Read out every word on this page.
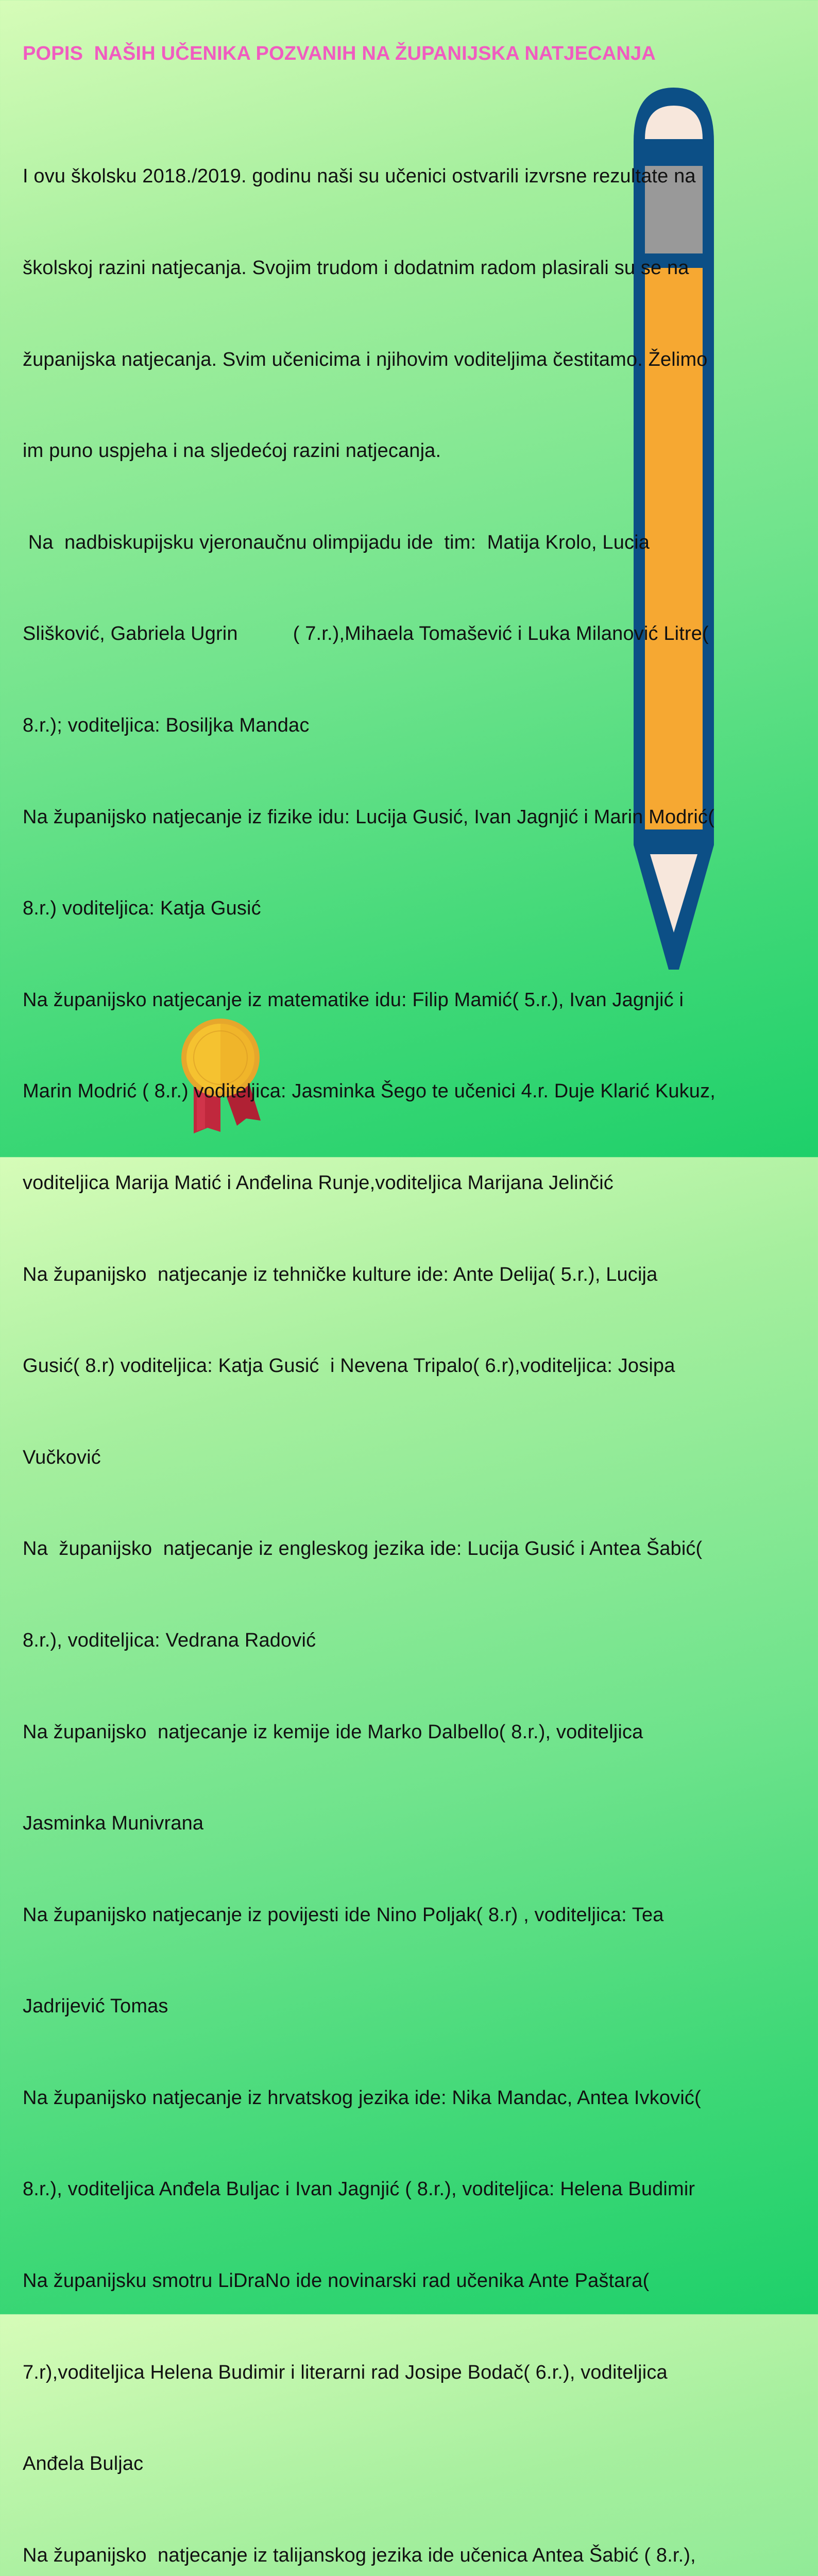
POPIS  NAŠIH UČENIKA POZVANIH NA ŽUPANIJSKA NATJECANJA

I ovu školsku 2018./2019. godinu naši su učenici ostvarili izvrsne rezultate na

školskoj razini natjecanja. Svojim trudom i dodatnim radom plasirali su se na

županijska natjecanja. Svim učenicima i njihovim voditeljima čestitamo. Želimo

im puno uspjeha i na sljedećoj razini natjecanja.

Na  nadbiskupijsku vjeronaučnu olimpijadu ide  tim:  Matija Krolo, Lucia

Slišković, Gabriela Ugrin          ( 7.r.),Mihaela Tomašević i Luka Milanović Litre(

8.r.); voditeljica: Bosiljka Mandac

Na županijsko natjecanje iz fizike idu: Lucija Gusić, Ivan Jagnjić i Marin Modrić(

8.r.) voditeljica: Katja Gusić

Na županijsko natjecanje iz matematike idu: Filip Mamić( 5.r.), Ivan Jagnjić i

Marin Modrić ( 8.r.) voditeljica: Jasminka Šego te učenici 4.r. Duje Klarić Kukuz,

voditeljica Marija Matić i Anđelina Runje,voditeljica Marijana Jelinčić

Na županijsko  natjecanje iz tehničke kulture ide: Ante Delija( 5.r.), Lucija

Gusić( 8.r) voditeljica: Katja Gusić  i Nevena Tripalo( 6.r),voditeljica: Josipa

Vučković

Na  županijsko  natjecanje iz engleskog jezika ide: Lucija Gusić i Antea Šabić(

8.r.), voditeljica: Vedrana Radović

Na županijsko  natjecanje iz kemije ide Marko Dalbello( 8.r.), voditeljica

Jasminka Munivrana

Na županijsko natjecanje iz povijesti ide Nino Poljak( 8.r) , voditeljica: Tea

Jadrijević Tomas

Na županijsko natjecanje iz hrvatskog jezika ide: Nika Mandac, Antea Ivković(

8.r.), voditeljica Anđela Buljac i Ivan Jagnjić ( 8.r.), voditeljica: Helena Budimir

Na županijsku smotru LiDraNo ide novinarski rad učenika Ante Paštara(

7.r),voditeljica Helena Budimir i literarni rad Josipe Bodač( 6.r.), voditeljica

Anđela Buljac

Na županijsko  natjecanje iz talijanskog jezika ide učenica Antea Šabić ( 8.r.),
